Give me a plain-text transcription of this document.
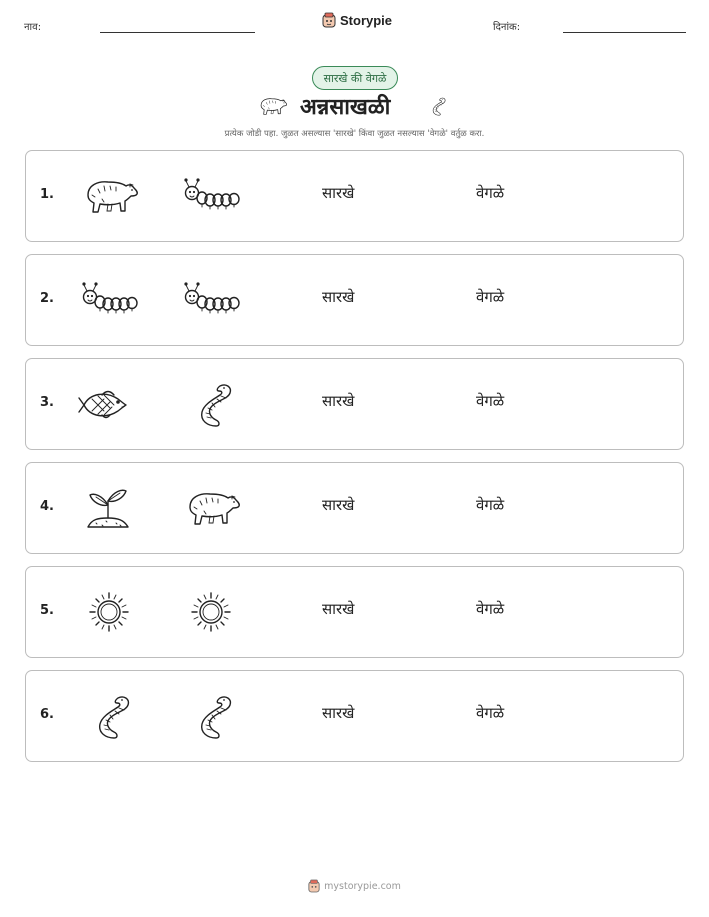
नाव:	Storypie	दिनांक:
सारखे की वेगळे
अन्नसाखळी
प्रत्येक जोडी पहा. जुळत असल्यास 'सारखे' किंवा जुळत नसल्यास 'वेगळे' वर्तुळ करा.
1.	सारखे	वेगळे
2.	सारखे	वेगळे
3.	सारखे	वेगळे
4.	सारखे	वेगळे
5.	सारखे	वेगळे
6.	सारखे	वेगळे
mystorypie.com
